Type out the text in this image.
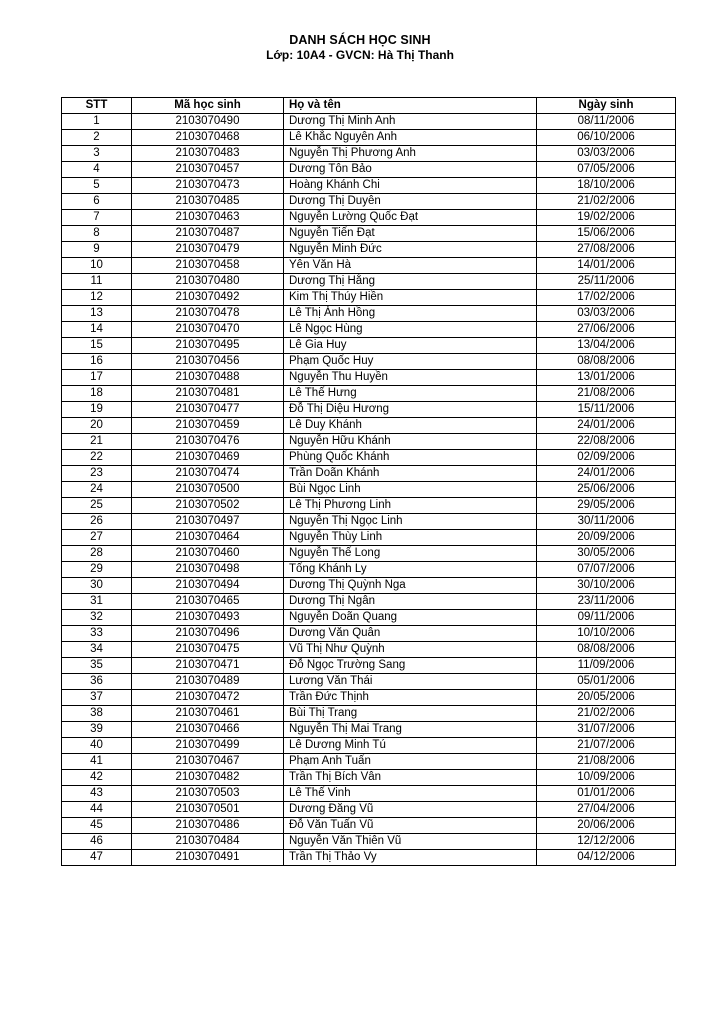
DANH SÁCH HỌC SINH
Lớp: 10A4 - GVCN: Hà Thị Thanh
STT	Mã học sinh	Họ và tên	Ngày sinh
1	2103070490	Dương Thị Minh Anh	08/11/2006
2	2103070468	Lê Khắc Nguyên Anh	06/10/2006
3	2103070483	Nguyễn Thị Phương Anh	03/03/2006
4	2103070457	Dương Tôn Bảo	07/05/2006
5	2103070473	Hoàng Khánh Chi	18/10/2006
6	2103070485	Dương Thị Duyên	21/02/2006
7	2103070463	Nguyễn Lường Quốc Đạt	19/02/2006
8	2103070487	Nguyễn Tiến Đạt	15/06/2006
9	2103070479	Nguyễn Minh Đức	27/08/2006
10	2103070458	Yên Văn Hà	14/01/2006
11	2103070480	Dương Thị Hằng	25/11/2006
12	2103070492	Kim Thị Thúy Hiền	17/02/2006
13	2103070478	Lê Thị Ánh Hồng	03/03/2006
14	2103070470	Lê Ngọc Hùng	27/06/2006
15	2103070495	Lê Gia Huy	13/04/2006
16	2103070456	Phạm Quốc Huy	08/08/2006
17	2103070488	Nguyễn Thu Huyền	13/01/2006
18	2103070481	Lê Thế Hưng	21/08/2006
19	2103070477	Đỗ Thị Diệu Hương	15/11/2006
20	2103070459	Lê Duy Khánh	24/01/2006
21	2103070476	Nguyễn Hữu Khánh	22/08/2006
22	2103070469	Phùng Quốc Khánh	02/09/2006
23	2103070474	Trần Doãn Khánh	24/01/2006
24	2103070500	Bùi Ngọc Linh	25/06/2006
25	2103070502	Lê Thị Phương Linh	29/05/2006
26	2103070497	Nguyễn Thị Ngọc Linh	30/11/2006
27	2103070464	Nguyễn Thùy Linh	20/09/2006
28	2103070460	Nguyễn Thế Long	30/05/2006
29	2103070498	Tống Khánh Ly	07/07/2006
30	2103070494	Dương Thị Quỳnh Nga	30/10/2006
31	2103070465	Dương Thị Ngân	23/11/2006
32	2103070493	Nguyễn Doãn Quang	09/11/2006
33	2103070496	Dương Văn Quân	10/10/2006
34	2103070475	Vũ Thị Như Quỳnh	08/08/2006
35	2103070471	Đỗ Ngọc Trường Sang	11/09/2006
36	2103070489	Lương Văn Thái	05/01/2006
37	2103070472	Trần Đức Thịnh	20/05/2006
38	2103070461	Bùi Thị Trang	21/02/2006
39	2103070466	Nguyễn Thị Mai Trang	31/07/2006
40	2103070499	Lê Dương Minh Tú	21/07/2006
41	2103070467	Phạm Anh Tuấn	21/08/2006
42	2103070482	Trần Thị Bích Vân	10/09/2006
43	2103070503	Lê Thế Vinh	01/01/2006
44	2103070501	Dương Đăng Vũ	27/04/2006
45	2103070486	Đỗ Văn Tuấn Vũ	20/06/2006
46	2103070484	Nguyễn Văn Thiên Vũ	12/12/2006
47	2103070491	Trần Thị Thảo Vy	04/12/2006
